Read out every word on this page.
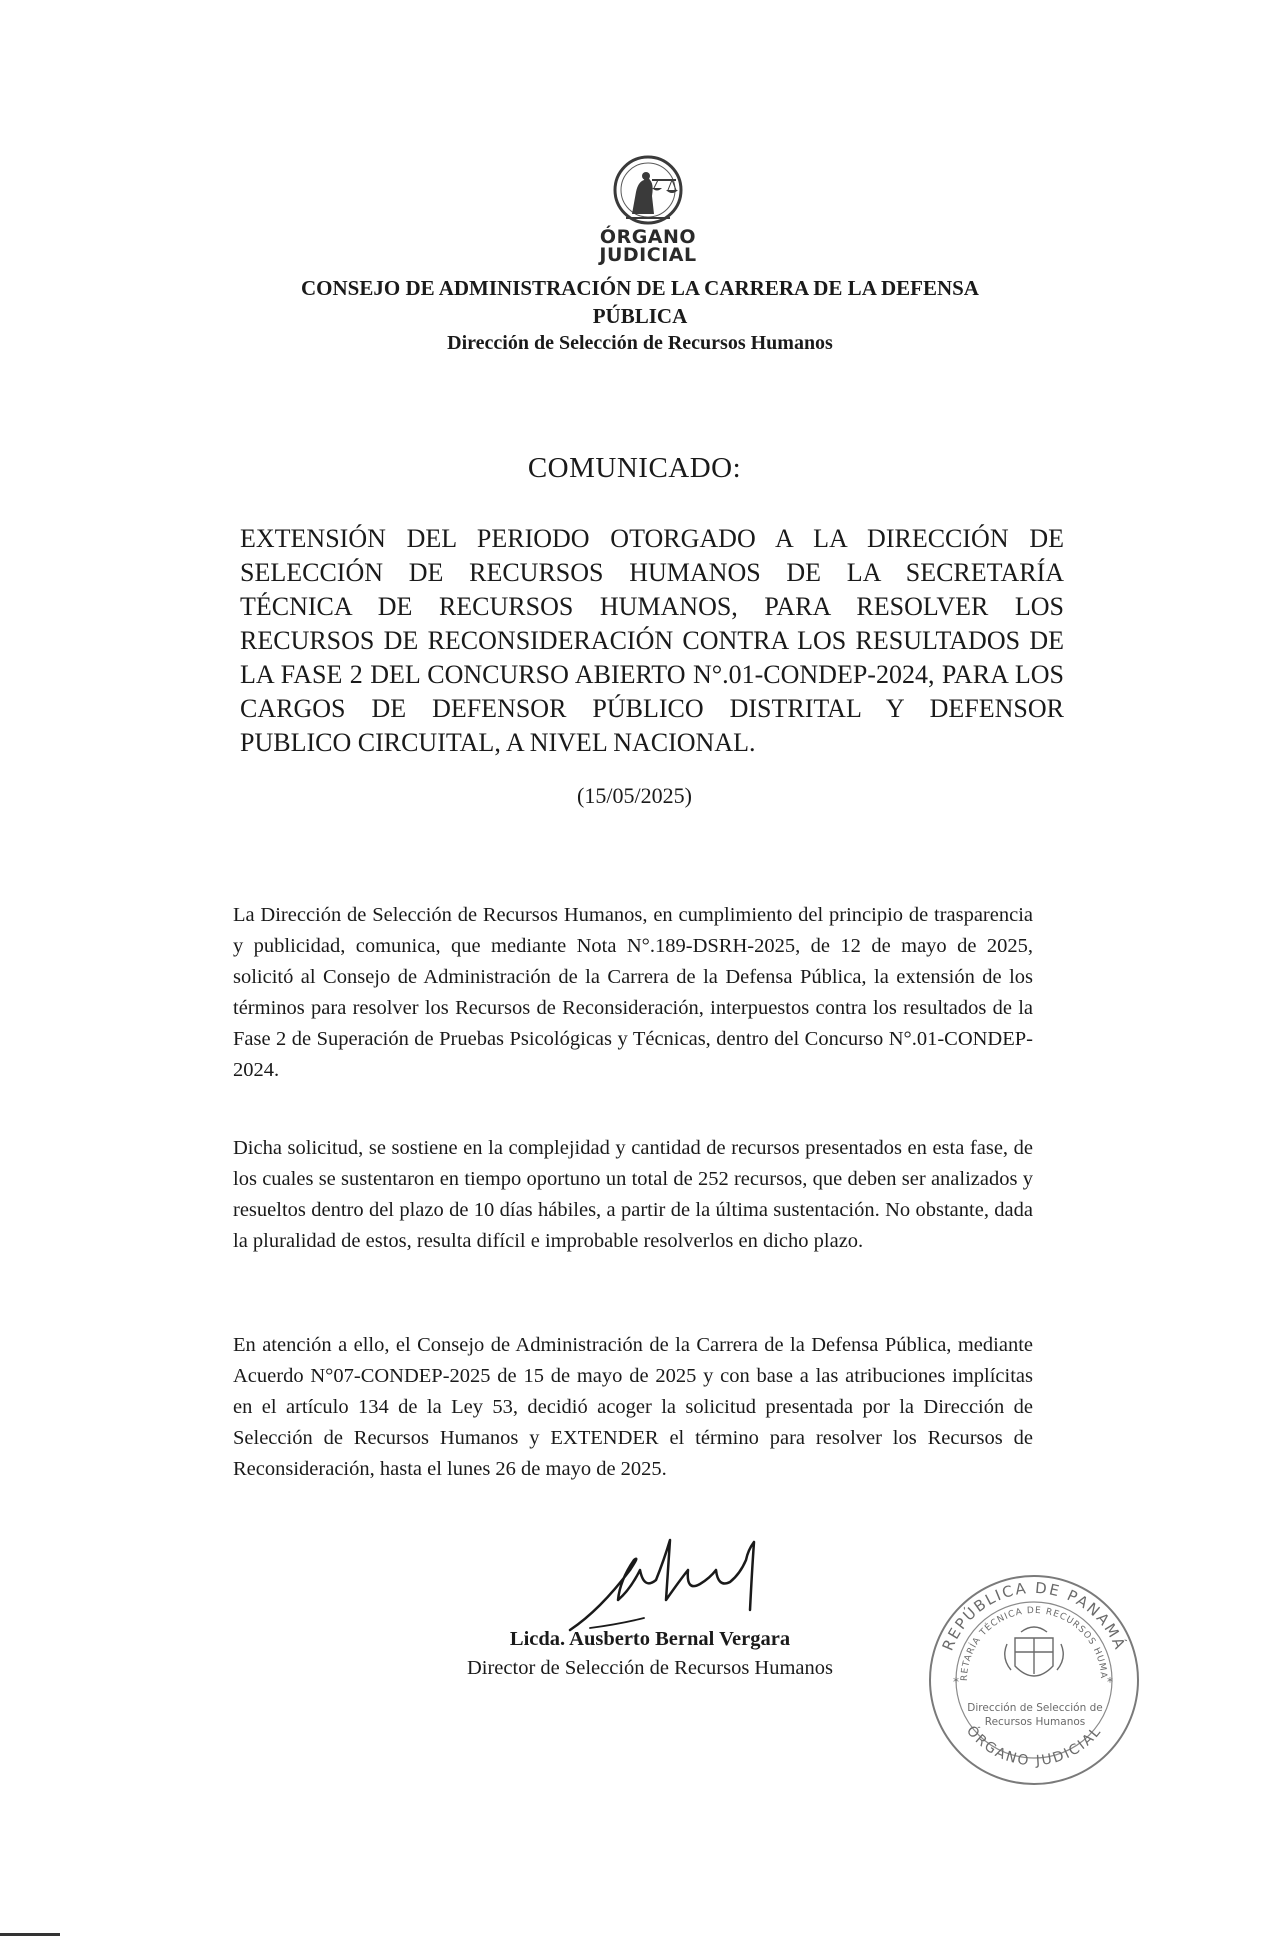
ÓRGANO
JUDICIAL
CONSEJO DE ADMINISTRACIÓN DE LA CARRERA DE LA DEFENSA
PÚBLICA
Dirección de Selección de Recursos Humanos
COMUNICADO:
EXTENSIÓN DEL PERIODO OTORGADO A LA DIRECCIÓN DE SELECCIÓN DE RECURSOS HUMANOS DE LA SECRETARÍA TÉCNICA DE RECURSOS HUMANOS, PARA RESOLVER LOS RECURSOS DE RECONSIDERACIÓN CONTRA LOS RESULTADOS DE LA FASE 2 DEL CONCURSO ABIERTO N°.01-CONDEP-2024, PARA LOS CARGOS DE DEFENSOR PÚBLICO DISTRITAL Y DEFENSOR PUBLICO CIRCUITAL, A NIVEL NACIONAL.
(15/05/2025)
La Dirección de Selección de Recursos Humanos, en cumplimiento del principio de trasparencia y publicidad, comunica, que mediante Nota N°.189-DSRH-2025, de 12 de mayo de 2025, solicitó al Consejo de Administración de la Carrera de la Defensa Pública, la extensión de los términos para resolver los Recursos de Reconsideración, interpuestos contra los resultados de la Fase 2 de Superación de Pruebas Psicológicas y Técnicas, dentro del Concurso N°.01-CONDEP-2024.
Dicha solicitud, se sostiene en la complejidad y cantidad de recursos presentados en esta fase, de los cuales se sustentaron en tiempo oportuno un total de 252 recursos, que deben ser analizados y resueltos dentro del plazo de 10 días hábiles, a partir de la última sustentación. No obstante, dada la pluralidad de estos, resulta difícil e improbable resolverlos en dicho plazo.
En atención a ello, el Consejo de Administración de la Carrera de la Defensa Pública, mediante Acuerdo N°07-CONDEP-2025 de 15 de mayo de 2025 y con base a las atribuciones implícitas en el artículo 134 de la Ley 53, decidió acoger la solicitud presentada por la Dirección de Selección de Recursos Humanos y EXTENDER el término para resolver los Recursos de Reconsideración, hasta el lunes 26 de mayo de 2025.
Licda. Ausberto Bernal Vergara
Director de Selección de Recursos Humanos
REPÚBLICA DE PANAMÁ
ÓRGANO JUDICIAL
RETARÍA TÉCNICA DE RECURSOS HUMA
*	*
Dirección de Selección de
Recursos Humanos
